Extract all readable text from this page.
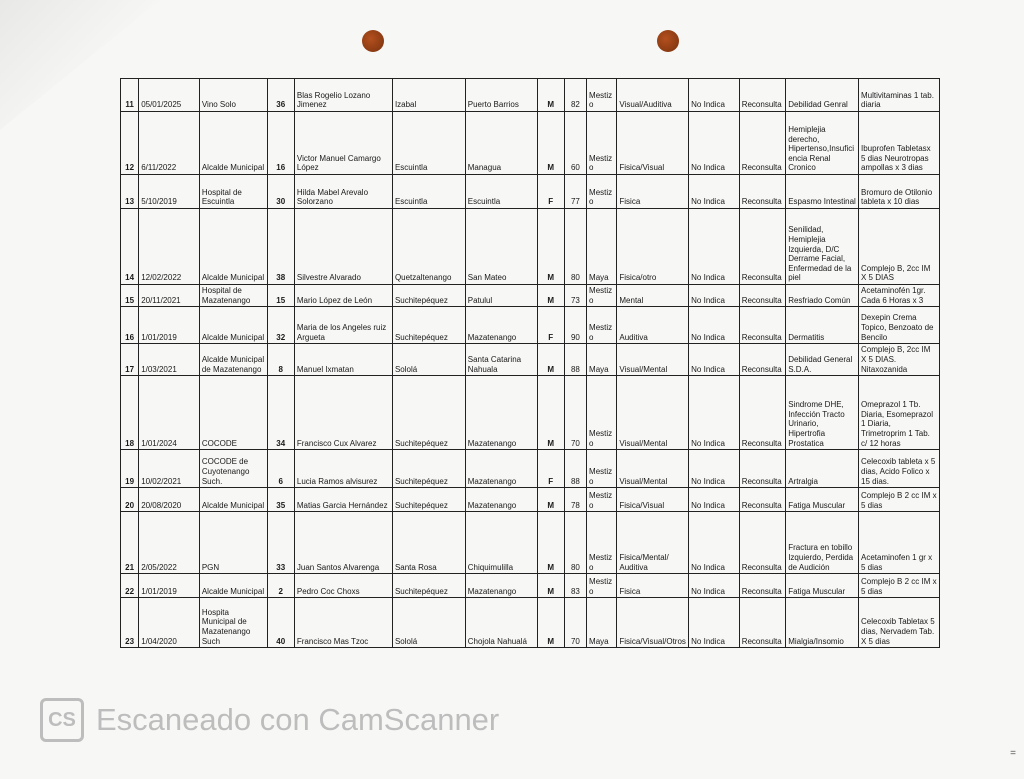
11	05/01/2025	Vino Solo	36	Blas Rogelio Lozano Jimenez	Izabal	Puerto Barrios	M	82	Mestizo	Visual/Auditiva	No Indica	Reconsulta	Debilidad Genral	Multivitaminas 1 tab. diaria
12	6/11/2022	Alcalde Municipal	16	Victor Manuel Camargo López	Escuintla	Managua	M	60	Mestizo	Fisica/Visual	No Indica	Reconsulta	Hemiplejia derecho, Hipertenso,Insuficiencia Renal Cronico	Ibuprofen Tabletasx 5 dias Neurotropas ampollas x 3 dias
13	5/10/2019	Hospital de Escuintla	30	Hilda Mabel Arevalo Solorzano	Escuintla	Escuintla	F	77	Mestizo	Fisica	No Indica	Reconsulta	Espasmo Intestinal	Bromuro de Otilonio tableta x 10 dias
14	12/02/2022	Alcalde Municipal	38	Silvestre Alvarado	Quetzaltenango	San Mateo	M	80	Maya	Fisica/otro	No Indica	Reconsulta	Senilidad, Hemiplejia Izquierda, D/C Derrame Facial, Enfermedad de la piel	Complejo B, 2cc IM X 5 DIAS
15	20/11/2021	Hospital de Mazatenango	15	Mario López de León	Suchitepéquez	Patulul	M	73	Mestizo	Mental	No Indica	Reconsulta	Resfriado Común	Acetaminofén 1gr. Cada 6 Horas x 3
16	1/01/2019	Alcalde Municipal	32	Maria de los Angeles ruiz Argueta	Suchitepéquez	Mazatenango	F	90	Mestizo	Auditiva	No Indica	Reconsulta	Dermatitis	Dexepin Crema Topico, Benzoato de Bencilo
17	1/03/2021	Alcalde Municipal de Mazatenango	8	Manuel Ixmatan	Sololá	Santa Catarina Nahuala	M	88	Maya	Visual/Mental	No Indica	Reconsulta	Debilidad General S.D.A.	Complejo B, 2cc IM X 5 DIAS. Nitaxozanida
18	1/01/2024	COCODE	34	Francisco Cux Alvarez	Suchitepéquez	Mazatenango	M	70	Mestizo	Visual/Mental	No Indica	Reconsulta	Sindrome DHE, Infección Tracto Urinario, Hipertrofia Prostatica	Omeprazol 1 Tb. Diaria, Esomeprazol 1 Diaria, Trimetroprim 1 Tab. c/ 12 horas
19	10/02/2021	COCODE de Cuyotenango Such.	6	Lucia Ramos alvisurez	Suchitepéquez	Mazatenango	F	88	Mestizo	Visual/Mental	No Indica	Reconsulta	Artralgia	Celecoxib tableta x 5 dias, Acido Folico x 15 dias.
20	20/08/2020	Alcalde Municipal	35	Matias Garcia Hernández	Suchitepéquez	Mazatenango	M	78	Mestizo	Fisica/Visual	No Indica	Reconsulta	Fatiga Muscular	Complejo B 2 cc IM x 5 dias
21	2/05/2022	PGN	33	Juan Santos Alvarenga	Santa Rosa	Chiquimulilla	M	80	Mestizo	Fisica/Mental/ Auditiva	No Indica	Reconsulta	Fractura en tobillo Izquierdo, Perdida de Audición	Acetaminofen 1 gr x 5 dias
22	1/01/2019	Alcalde Municipal	2	Pedro Coc Choxs	Suchitepéquez	Mazatenango	M	83	Mestizo	Fisica	No Indica	Reconsulta	Fatiga Muscular	Complejo B 2 cc IM x 5 dias
23	1/04/2020	Hospita Municipal de Mazatenango Such	40	Francisco Mas Tzoc	Sololá	Chojola Nahualá	M	70	Maya	Fisica/Visual/Otros	No Indica	Reconsulta	Mialgia/Insomio	Celecoxib Tabletax 5 dias, Nervadem Tab. X 5 dias
CS Escaneado con CamScanner
=
